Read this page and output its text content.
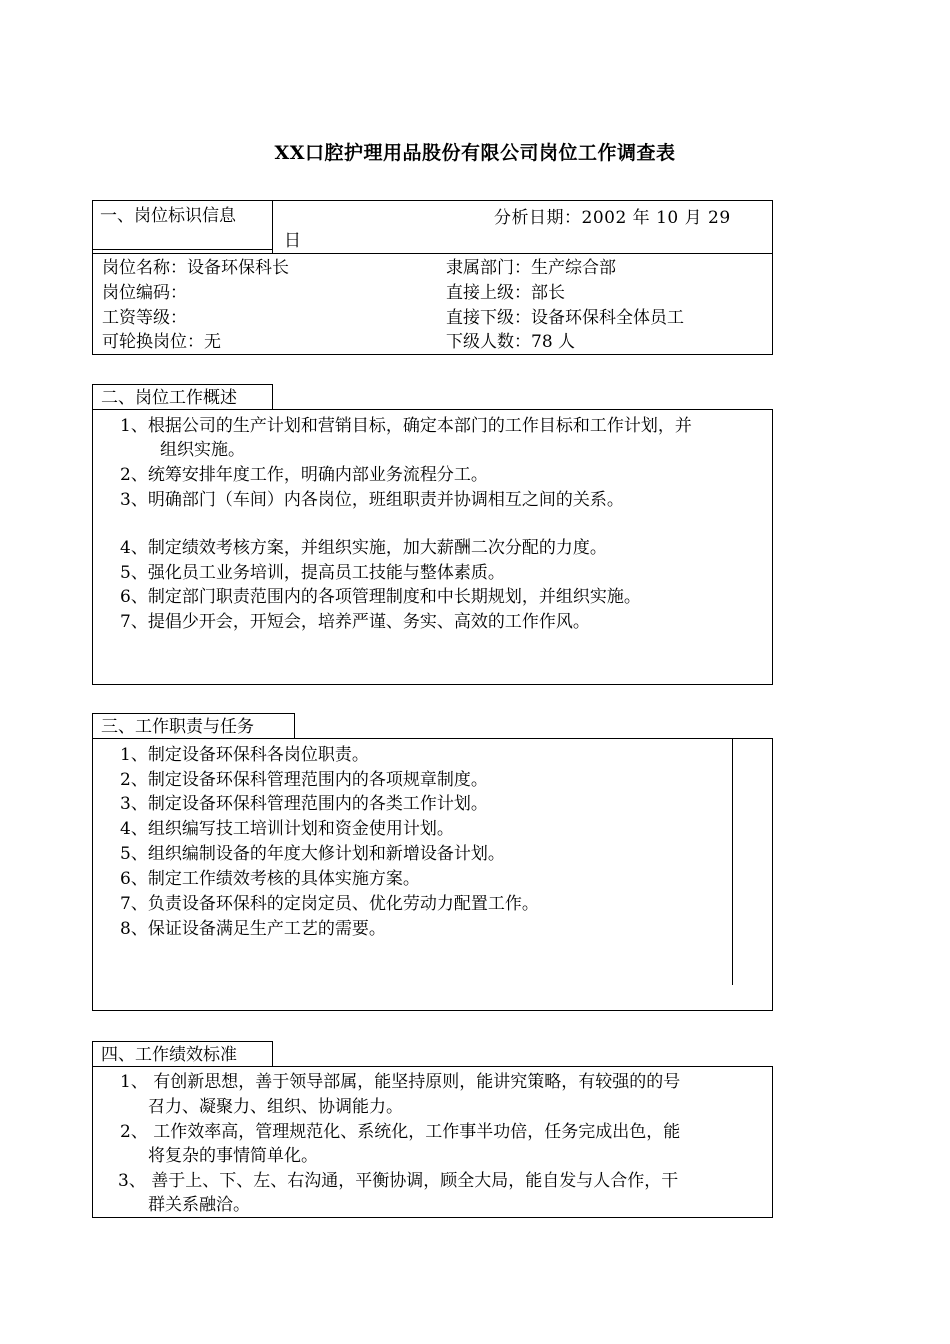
XX口腔护理用品股份有限公司岗位工作调查表
一、岗位标识信息	分析日期：2002 年 10 月 29
日
岗位名称：设备环保科长
岗位编码：
工资等级：
可轮换岗位：无
隶属部门：生产综合部
直接上级：部长
直接下级：设备环保科全体员工
下级人数：78 人
二、岗位工作概述
1、根据公司的生产计划和营销目标，确定本部门的工作目标和工作计划，并
组织实施。
2、统筹安排年度工作，明确内部业务流程分工。
3、明确部门（车间）内各岗位，班组职责并协调相互之间的关系。
4、制定绩效考核方案，并组织实施，加大薪酬二次分配的力度。
5、强化员工业务培训，提高员工技能与整体素质。
6、制定部门职责范围内的各项管理制度和中长期规划，并组织实施。
7、提倡少开会，开短会，培养严谨、务实、高效的工作作风。
三、工作职责与任务
1、制定设备环保科各岗位职责。
2、制定设备环保科管理范围内的各项规章制度。
3、制定设备环保科管理范围内的各类工作计划。
4、组织编写技工培训计划和资金使用计划。
5、组织编制设备的年度大修计划和新增设备计划。
6、制定工作绩效考核的具体实施方案。
7、负责设备环保科的定岗定员、优化劳动力配置工作。
8、保证设备满足生产工艺的需要。
四、工作绩效标准
1、 有创新思想，善于领导部属，能坚持原则，能讲究策略，有较强的的号
召力、凝聚力、组织、协调能力。
2、 工作效率高，管理规范化、系统化，工作事半功倍，任务完成出色，能
将复杂的事情简单化。
3、 善于上、下、左、右沟通，平衡协调，顾全大局，能自发与人合作，干
群关系融洽。
